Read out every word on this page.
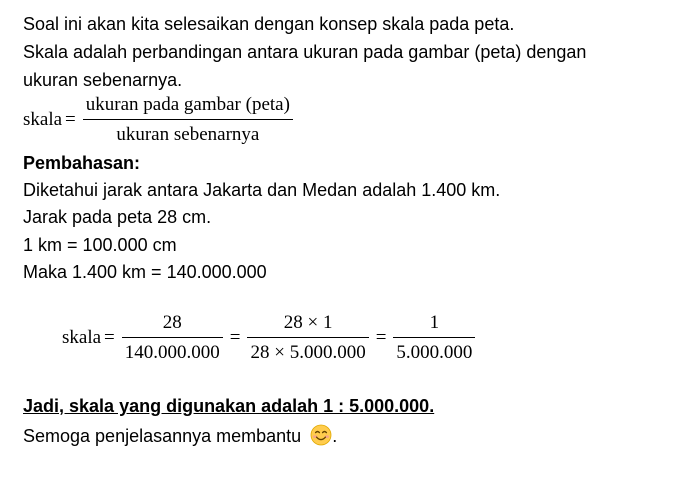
Soal ini akan kita selesaikan dengan konsep skala pada peta.
Skala adalah perbandingan antara ukuran pada gambar (peta) dengan
ukuran sebenarnya.
skala = $\frac{\text{ukuran pada gambar (peta)}}{\text{ukuran sebenarnya}}$
Pembahasan:
Diketahui jarak antara Jakarta dan Medan adalah 1.400 km.
Jarak pada peta 28 cm.
1 km = 100.000 cm
Maka 1.400 km = 140.000.000
skala = $\frac{28}{140.000.000} = \frac{28 \times 1}{28 \times 5.000.000} = \frac{1}{5.000.000}$
Jadi, skala yang digunakan adalah 1 : 5.000.000.
Semoga penjelasannya membantu .
